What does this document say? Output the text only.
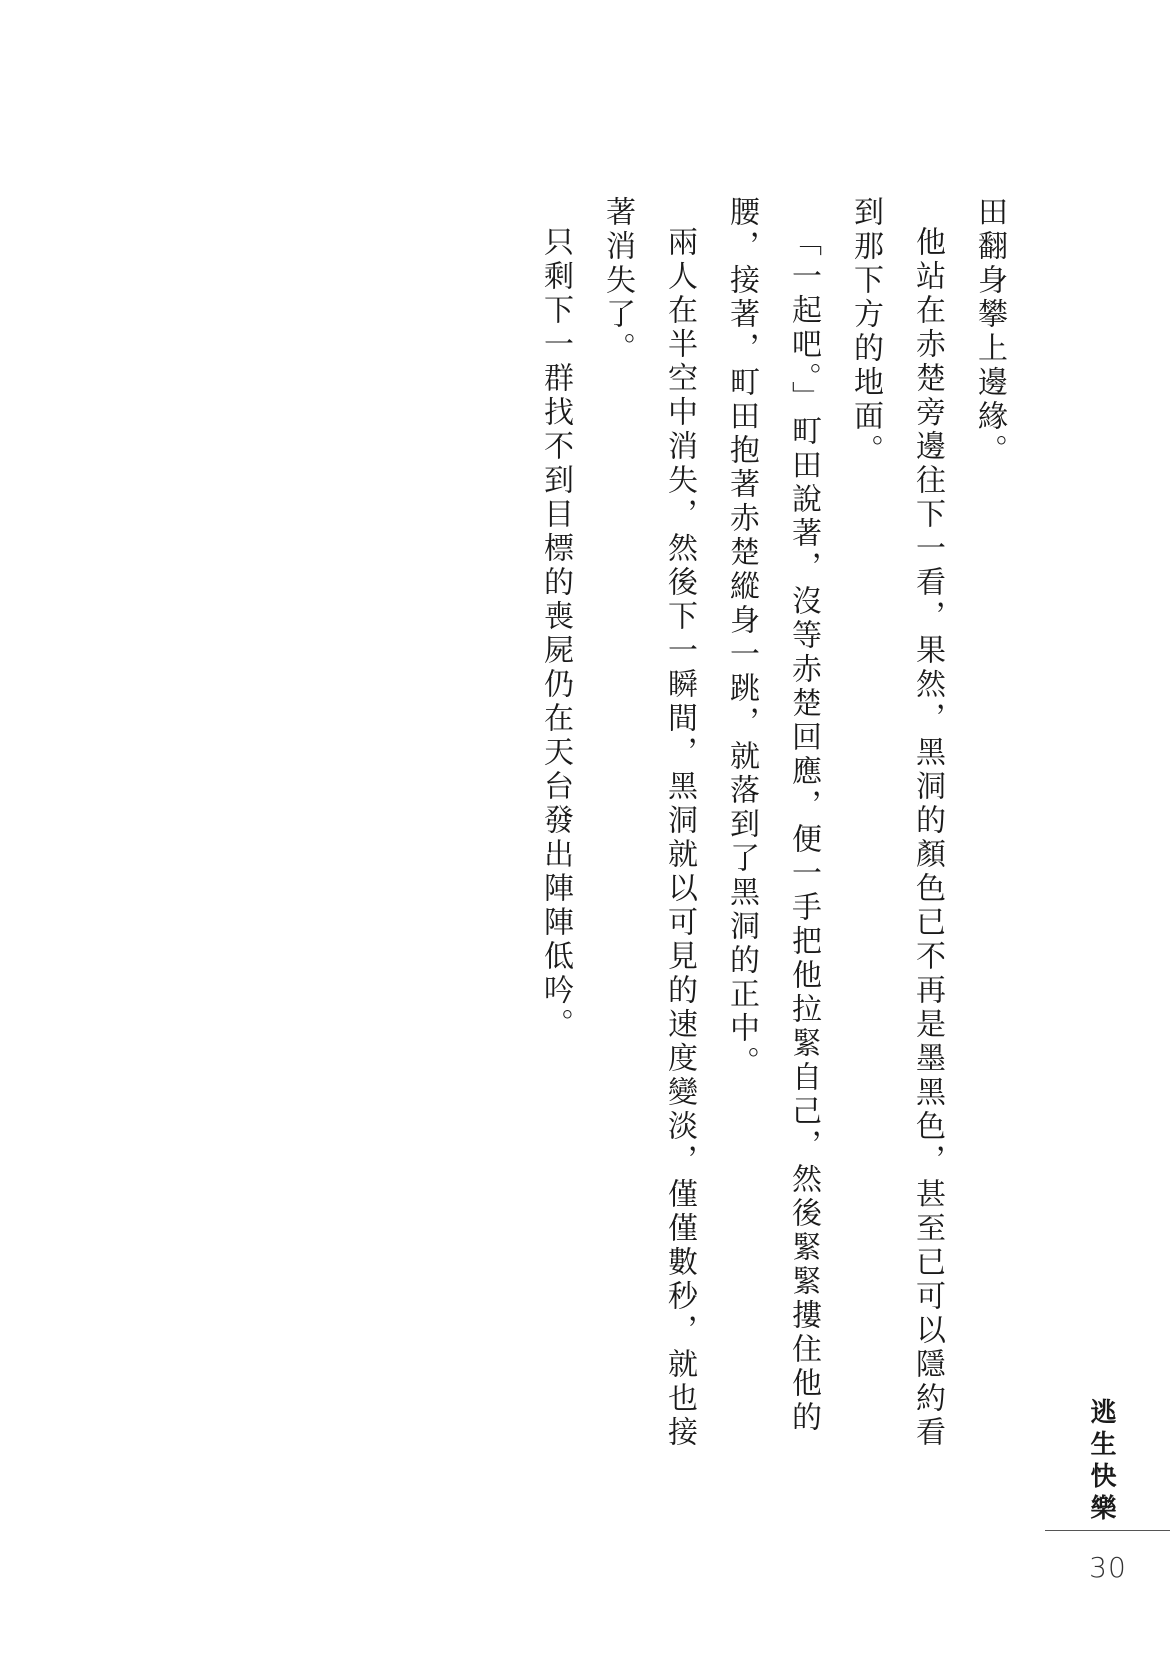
田翻身攀上邊緣。

他站在赤楚旁邊往下一看，果然，黑洞的顏色已不再是墨黑色，甚至已可以隱約看到那下方的地面。

「一起吧。」町田說著，沒等赤楚回應，便一手把他拉緊自己，然後緊緊摟住他的腰，接著，町田抱著赤楚縱身一跳，就落到了黑洞的正中。

兩人在半空中消失，然後下一瞬間，黑洞就以可見的速度變淡，僅僅數秒，就也接著消失了。

只剩下一群找不到目標的喪屍仍在天台發出陣陣低吟。

逃生快樂
30
